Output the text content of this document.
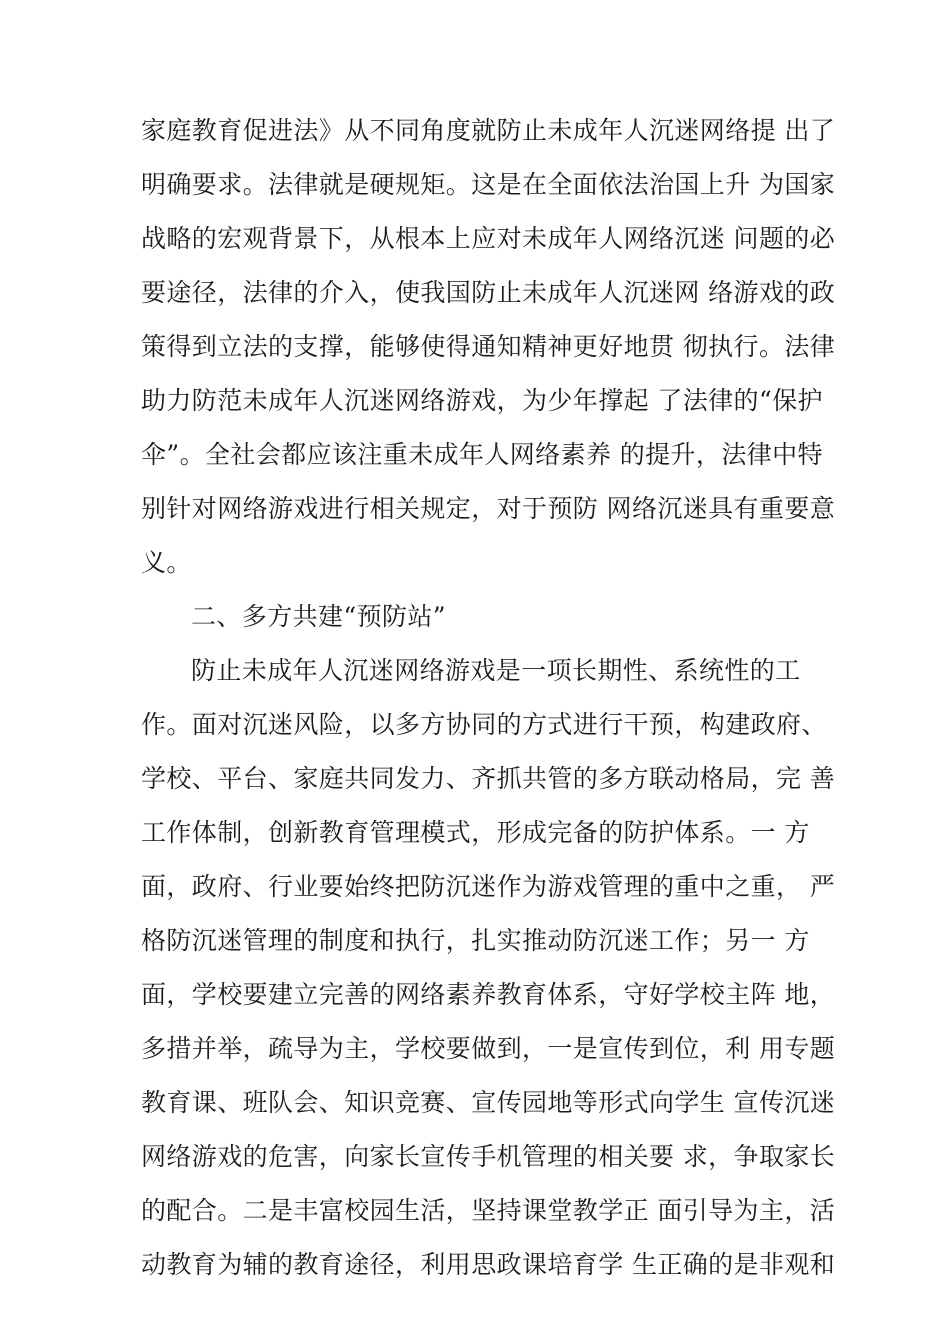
家庭教育促进法》从不同角度就防止未成年人沉迷网络提 出了
明确要求。法律就是硬规矩。这是在全面依法治国上升 为国家
战略的宏观背景下，从根本上应对未成年人网络沉迷 问题的必
要途径，法律的介入，使我国防止未成年人沉迷网 络游戏的政
策得到立法的支撑，能够使得通知精神更好地贯 彻执行。法律
助力防范未成年人沉迷网络游戏，为少年撑起 了法律的“保护
伞”。全社会都应该注重未成年人网络素养 的提升，法律中特
别针对网络游戏进行相关规定，对于预防 网络沉迷具有重要意
义。
二、多方共建“预防站”
防止未成年人沉迷网络游戏是一项长期性、系统性的工
作。面对沉迷风险，以多方协同的方式进行干预，构建政府、
学校、平台、家庭共同发力、齐抓共管的多方联动格局，完 善
工作体制，创新教育管理模式，形成完备的防护体系。一 方
面，政府、行业要始终把防沉迷作为游戏管理的重中之重， 严
格防沉迷管理的制度和执行，扎实推动防沉迷工作；另一 方
面，学校要建立完善的网络素养教育体系，守好学校主阵 地，
多措并举，疏导为主，学校要做到，一是宣传到位，利 用专题
教育课、班队会、知识竞赛、宣传园地等形式向学生 宣传沉迷
网络游戏的危害，向家长宣传手机管理的相关要 求，争取家长
的配合。二是丰富校园生活，坚持课堂教学正 面引导为主，活
动教育为辅的教育途径，利用思政课培育学 生正确的是非观和
